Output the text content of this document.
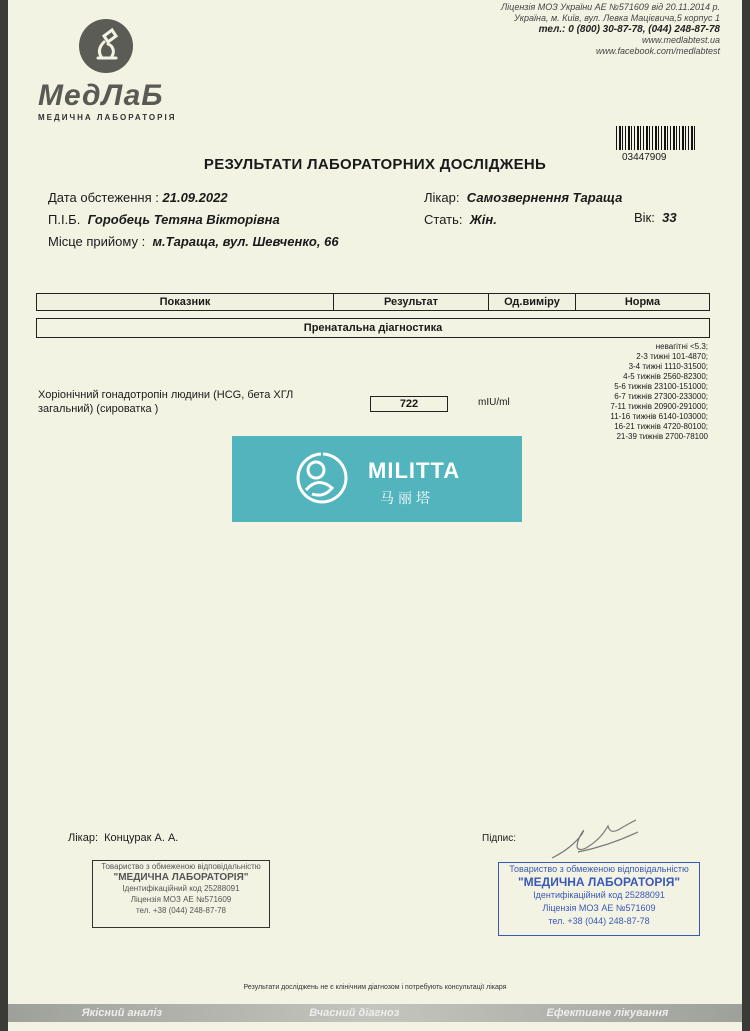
Ліцензія МОЗ України АЕ №571609 від 20.11.2014 р.
Україна, м. Київ, вул. Левка Мацієвича,5 корпус 1
тел.: 0 (800) 30-87-78, (044) 248-87-78
www.medlabtest.ua
www.facebook.com/medlabtest
МедЛаБ
МЕДИЧНА ЛАБОРАТОРІЯ
03447909
РЕЗУЛЬТАТИ ЛАБОРАТОРНИХ ДОСЛІДЖЕНЬ
Дата обстеження : 21.09.2022
П.І.Б. Горобець Тетяна Вікторівна
Місце прийому : м.Тараща, вул. Шевченко, 66
Лікар: Самозвернення Тараща
Стать: Жін.	Вік: 33
Показник	Результат	Од.виміру	Норма
Пренатальна діагностика
Хоріонічний гонадотропін людини (HCG, бета ХГЛ загальний) (сироватка )	722	mIU/ml
невагітні <5.3;
2-3 тижні 101-4870;
3-4 тижні 1110-31500;
4-5 тижнів 2560-82300;
5-6 тижнів 23100-151000;
6-7 тижнів 27300-233000;
7-11 тижнів 20900-291000;
11-16 тижнів 6140-103000;
16-21 тижнів 4720-80100;
21-39 тижнів 2700-78100
MILITTA
马丽塔
Лікар: Концурак А. А.	Підпис:
Товариство з обмеженою відповідальністю
"МЕДИЧНА ЛАБОРАТОРІЯ"
Ідентифікаційний код 25288091
Ліцензія МОЗ АЕ №571609
тел. +38 (044) 248-87-78
Товариство з обмеженою відповідальністю
"МЕДИЧНА ЛАБОРАТОРІЯ"
Ідентифікаційний код 25288091
Ліцензія МОЗ АЕ №571609
тел. +38 (044) 248-87-78
Результати досліджень не є клінічним діагнозом і потребують консультації лікаря
Якісний аналіз	Вчасний діагноз	Ефективне лікування
